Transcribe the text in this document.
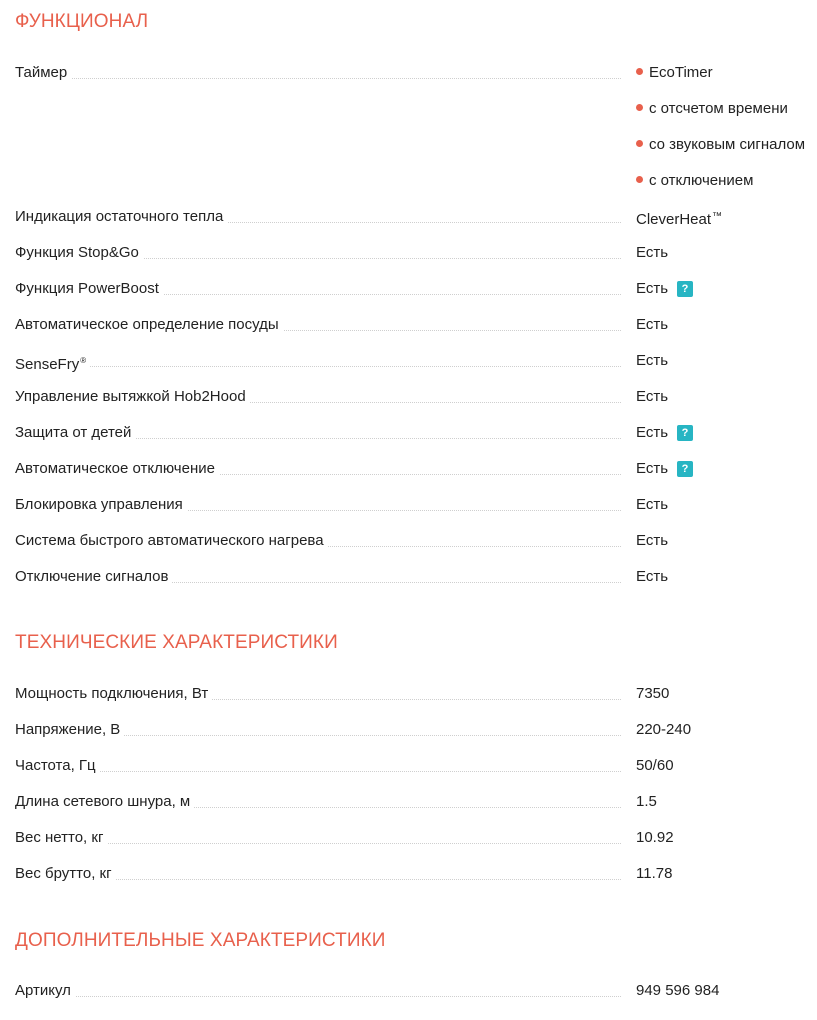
ФУНКЦИОНАЛ
Таймер	EcoTimer
с отсчетом времени
со звуковым сигналом
с отключением
Индикация остаточного тепла	CleverHeat™
Функция Stop&Go	Есть
Функция PowerBoost	Есть ?
Автоматическое определение посуды	Есть
SenseFry®	Есть
Управление вытяжкой Hob2Hood	Есть
Защита от детей	Есть ?
Автоматическое отключение	Есть ?
Блокировка управления	Есть
Система быстрого автоматического нагрева	Есть
Отключение сигналов	Есть
ТЕХНИЧЕСКИЕ ХАРАКТЕРИСТИКИ
Мощность подключения, Вт	7350
Напряжение, В	220-240
Частота, Гц	50/60
Длина сетевого шнура, м	1.5
Вес нетто, кг	10.92
Вес брутто, кг	11.78
ДОПОЛНИТЕЛЬНЫЕ ХАРАКТЕРИСТИКИ
Артикул	949 596 984
